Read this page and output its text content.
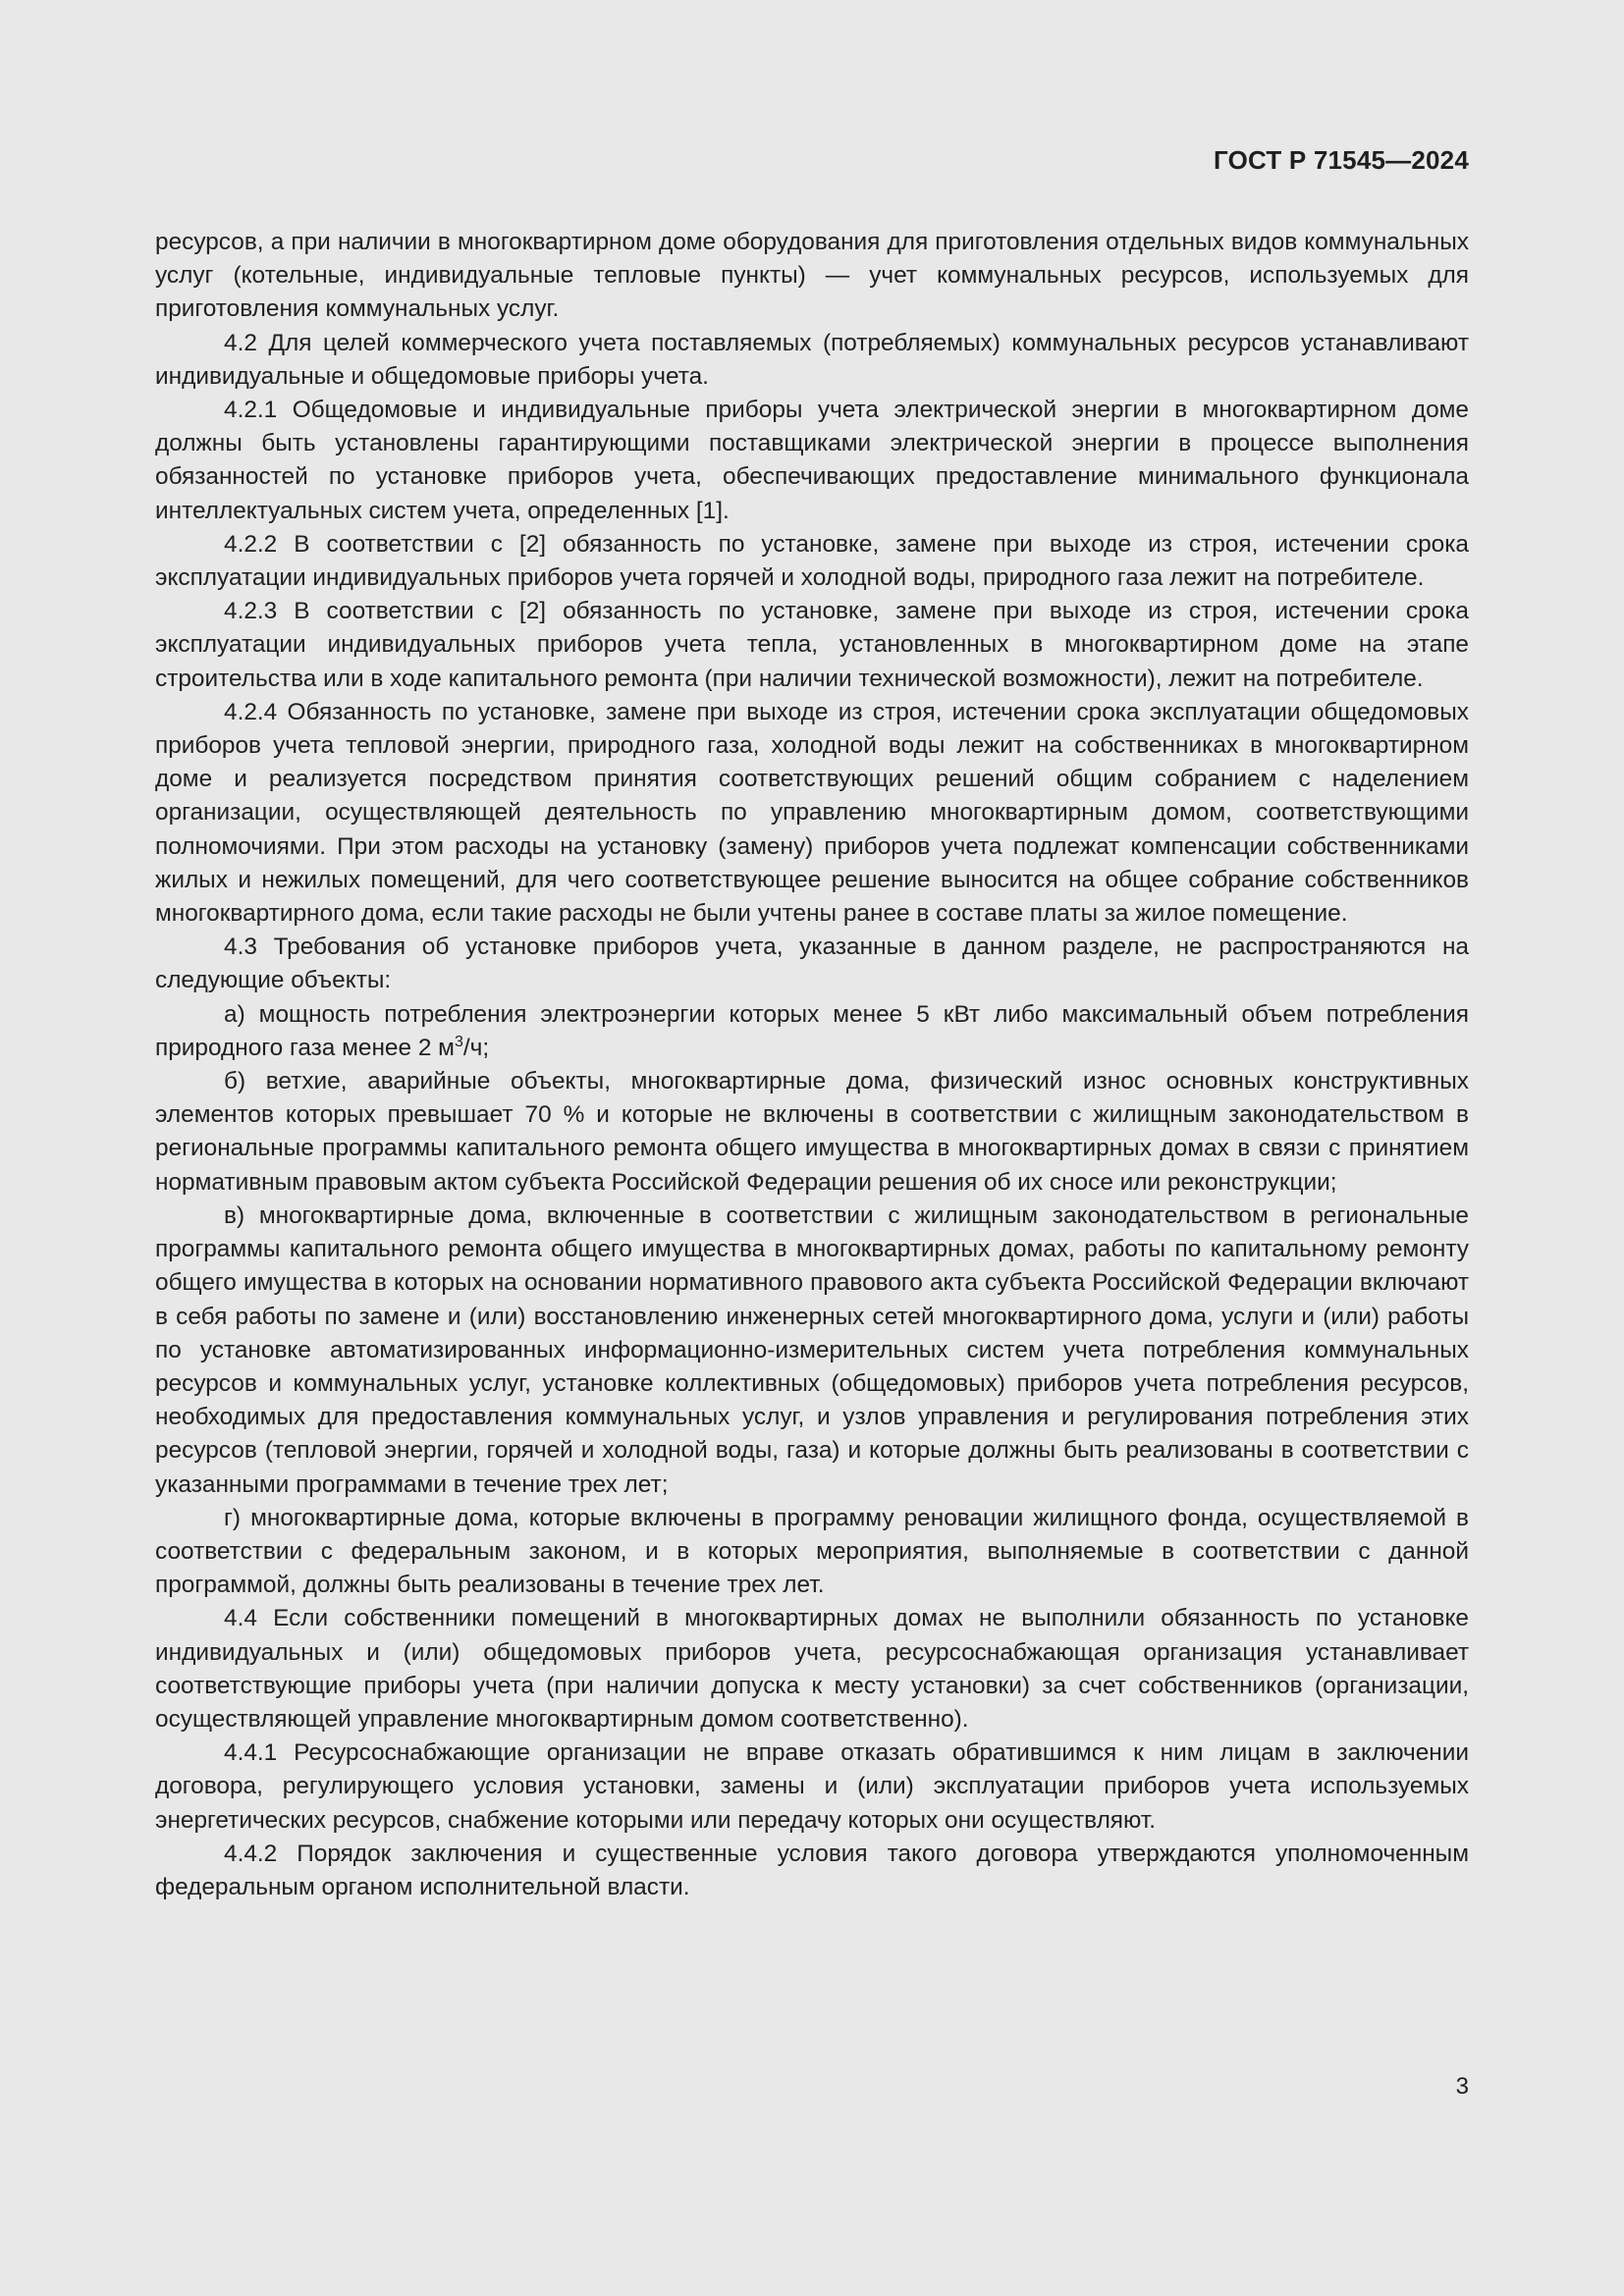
ГОСТ Р 71545—2024

ресурсов, а при наличии в многоквартирном доме оборудования для приготовления отдельных видов коммунальных услуг (котельные, индивидуальные тепловые пункты) — учет коммунальных ресурсов, используемых для приготовления коммунальных услуг.

4.2 Для целей коммерческого учета поставляемых (потребляемых) коммунальных ресурсов устанавливают индивидуальные и общедомовые приборы учета.

4.2.1 Общедомовые и индивидуальные приборы учета электрической энергии в многоквартирном доме должны быть установлены гарантирующими поставщиками электрической энергии в процессе выполнения обязанностей по установке приборов учета, обеспечивающих предоставление минимального функционала интеллектуальных систем учета, определенных [1].

4.2.2 В соответствии с [2] обязанность по установке, замене при выходе из строя, истечении срока эксплуатации индивидуальных приборов учета горячей и холодной воды, природного газа лежит на потребителе.

4.2.3 В соответствии с [2] обязанность по установке, замене при выходе из строя, истечении срока эксплуатации индивидуальных приборов учета тепла, установленных в многоквартирном доме на этапе строительства или в ходе капитального ремонта (при наличии технической возможности), лежит на потребителе.

4.2.4 Обязанность по установке, замене при выходе из строя, истечении срока эксплуатации общедомовых приборов учета тепловой энергии, природного газа, холодной воды лежит на собственниках в многоквартирном доме и реализуется посредством принятия соответствующих решений общим собранием с наделением организации, осуществляющей деятельность по управлению многоквартирным домом, соответствующими полномочиями. При этом расходы на установку (замену) приборов учета подлежат компенсации собственниками жилых и нежилых помещений, для чего соответствующее решение выносится на общее собрание собственников многоквартирного дома, если такие расходы не были учтены ранее в составе платы за жилое помещение.

4.3 Требования об установке приборов учета, указанные в данном разделе, не распространяются на следующие объекты:

а) мощность потребления электроэнергии которых менее 5 кВт либо максимальный объем потребления природного газа менее 2 $м^3/ч$;

б) ветхие, аварийные объекты, многоквартирные дома, физический износ основных конструктивных элементов которых превышает 70 % и которые не включены в соответствии с жилищным законодательством в региональные программы капитального ремонта общего имущества в многоквартирных домах в связи с принятием нормативным правовым актом субъекта Российской Федерации решения об их сносе или реконструкции;

в) многоквартирные дома, включенные в соответствии с жилищным законодательством в региональные программы капитального ремонта общего имущества в многоквартирных домах, работы по капитальному ремонту общего имущества в которых на основании нормативного правового акта субъекта Российской Федерации включают в себя работы по замене и (или) восстановлению инженерных сетей многоквартирного дома, услуги и (или) работы по установке автоматизированных информационно-измерительных систем учета потребления коммунальных ресурсов и коммунальных услуг, установке коллективных (общедомовых) приборов учета потребления ресурсов, необходимых для предоставления коммунальных услуг, и узлов управления и регулирования потребления этих ресурсов (тепловой энергии, горячей и холодной воды, газа) и которые должны быть реализованы в соответствии с указанными программами в течение трех лет;

г) многоквартирные дома, которые включены в программу реновации жилищного фонда, осуществляемой в соответствии с федеральным законом, и в которых мероприятия, выполняемые в соответствии с данной программой, должны быть реализованы в течение трех лет.

4.4 Если собственники помещений в многоквартирных домах не выполнили обязанность по установке индивидуальных и (или) общедомовых приборов учета, ресурсоснабжающая организация устанавливает соответствующие приборы учета (при наличии допуска к месту установки) за счет собственников (организации, осуществляющей управление многоквартирным домом соответственно).

4.4.1 Ресурсоснабжающие организации не вправе отказать обратившимся к ним лицам в заключении договора, регулирующего условия установки, замены и (или) эксплуатации приборов учета используемых энергетических ресурсов, снабжение которыми или передачу которых они осуществляют.

4.4.2 Порядок заключения и существенные условия такого договора утверждаются уполномоченным федеральным органом исполнительной власти.

3
